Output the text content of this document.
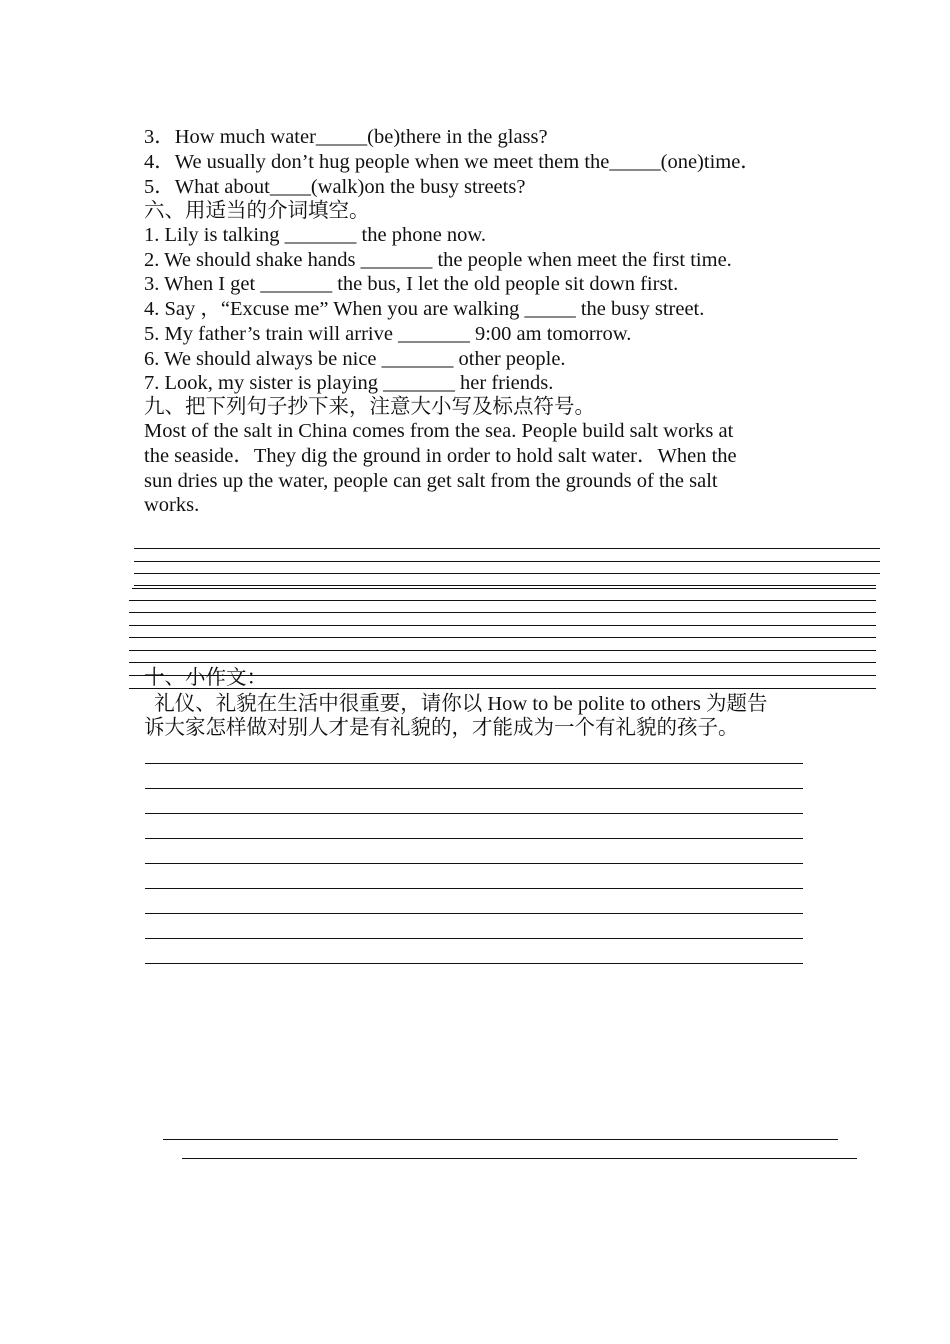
3．How much water_____(be)there in the glass?
4．We usually don’t hug people when we meet them the_____(one)time．
5．What about____(walk)on the busy streets?
六、用适当的介词填空。
1. Lily is talking _______ the phone now.
2. We should shake hands _______ the people when meet the first time.
3. When I get _______ the bus, I let the old people sit down first.
4. Say ，“Excuse me” When you are walking _____ the busy street.
5. My father’s train will arrive _______ 9:00 am tomorrow.
6. We should always be nice _______ other people.
7. Look, my sister is playing _______ her friends.
九、把下列句子抄下来，注意大小写及标点符号。
Most of the salt in China comes from the sea. People build salt works at
the seaside．They dig the ground in order to hold salt water．When the
sun dries up the water, people can get salt from the grounds of the salt
works.
十、小作文：
礼仪、礼貌在生活中很重要，请你以 How to be polite to others 为题告
诉大家怎样做对别人才是有礼貌的，才能成为一个有礼貌的孩子。
